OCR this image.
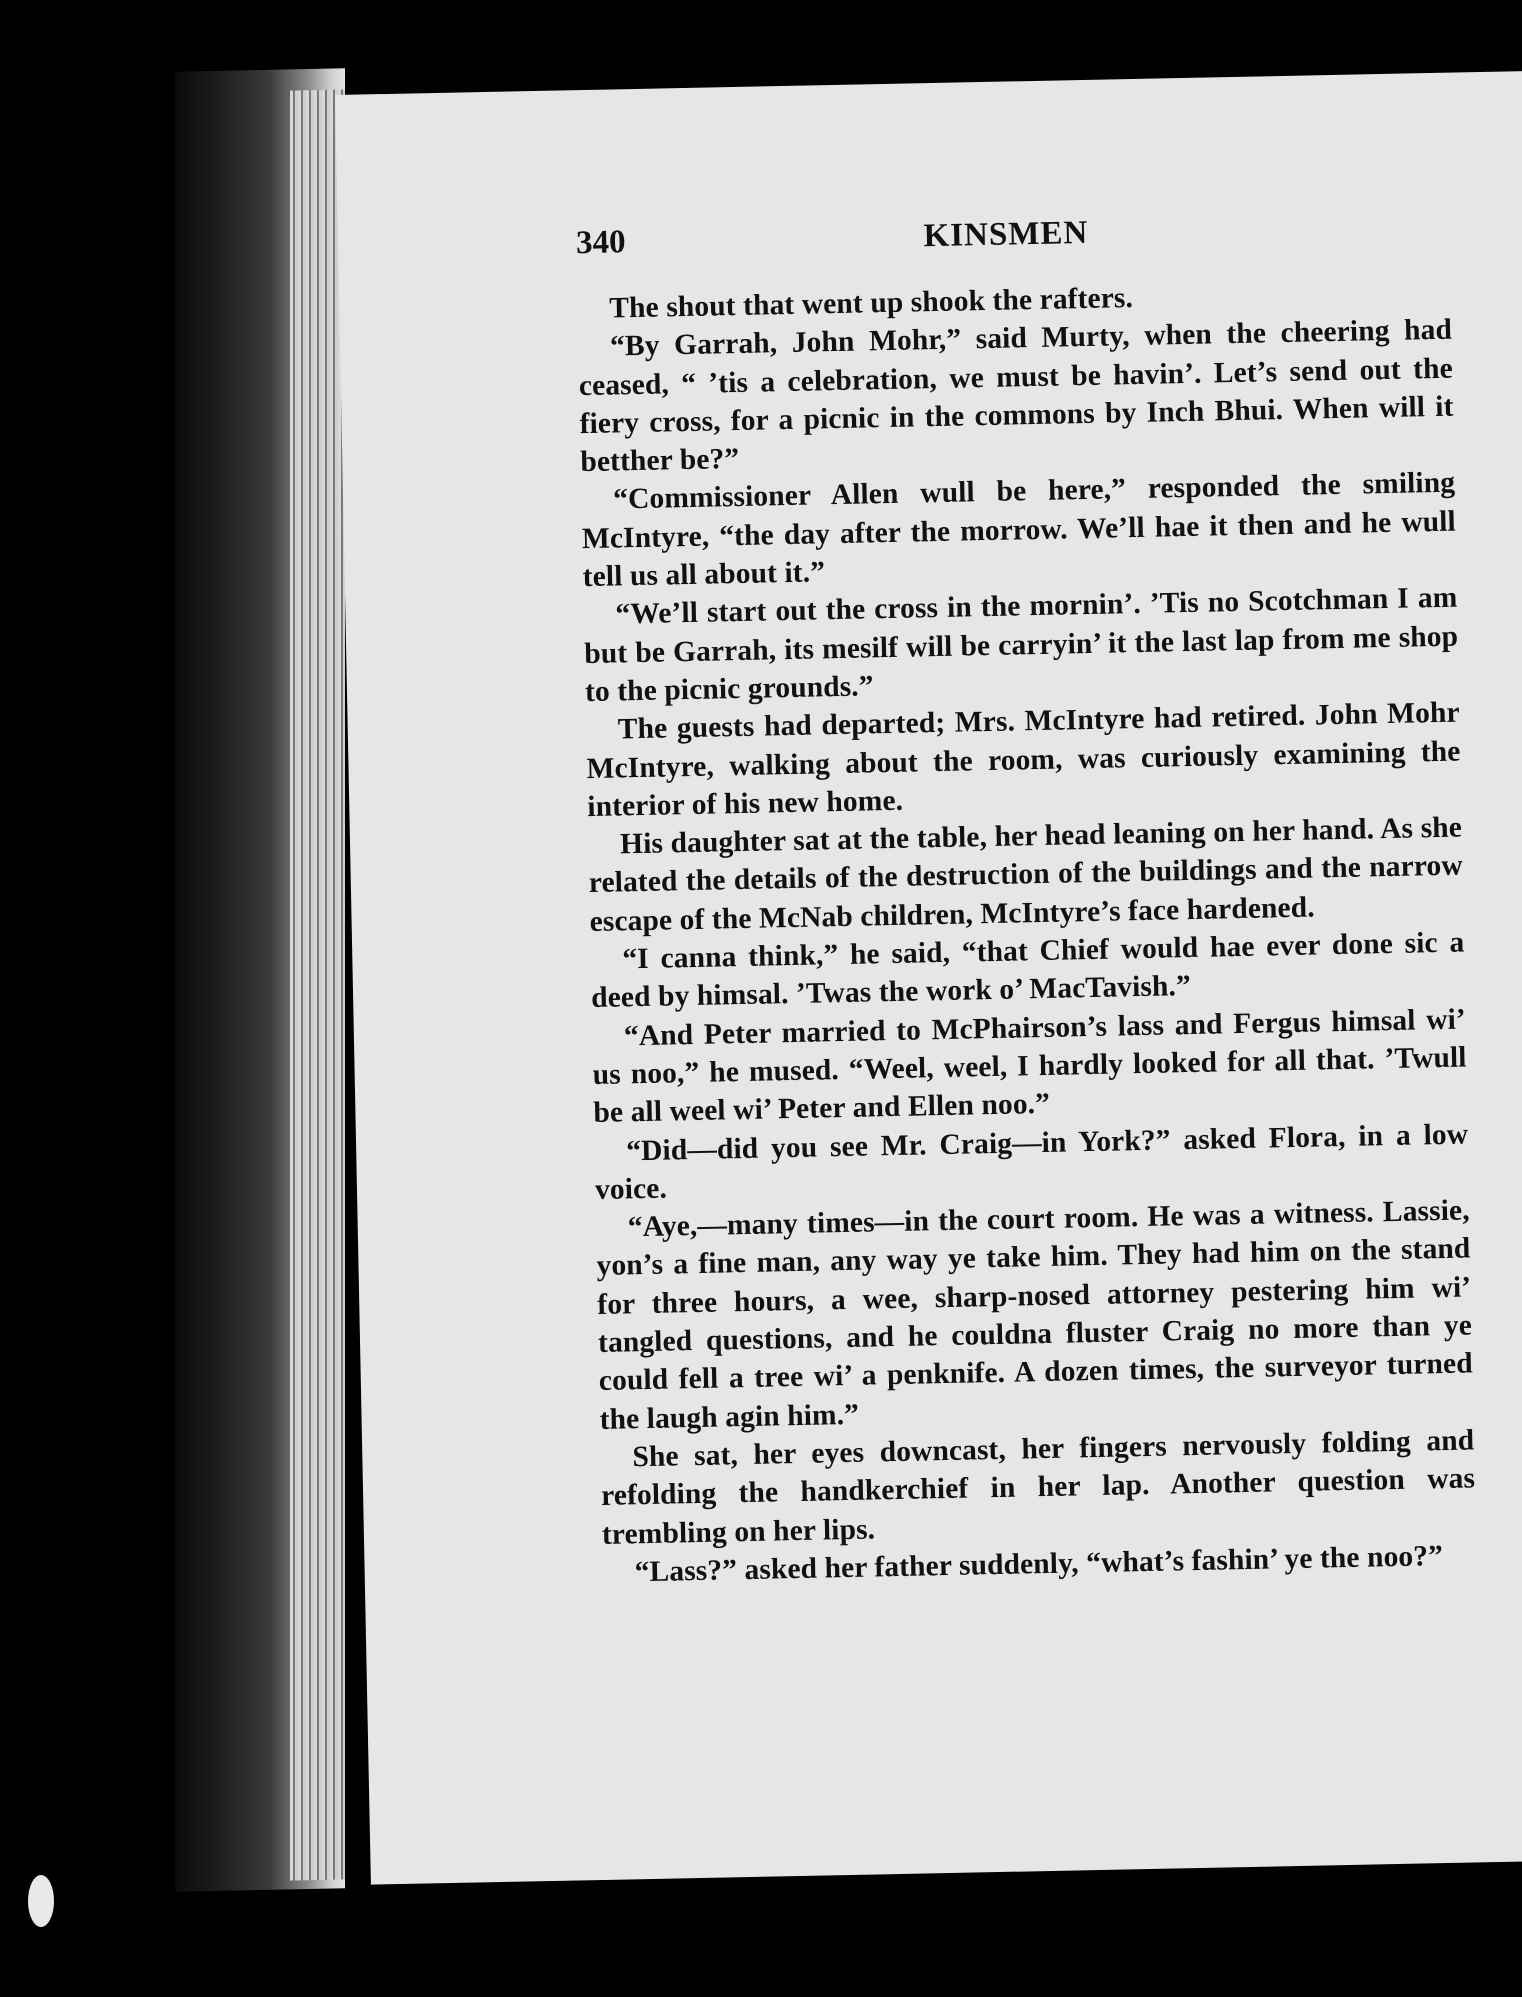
340	KINSMEN

The shout that went up shook the rafters.

“By Garrah, John Mohr,” said Murty, when the cheering had ceased, “ ’tis a celebration, we must be havin’. Let’s send out the fiery cross, for a picnic in the commons by Inch Bhui. When will it betther be?”

“Commissioner Allen wull be here,” responded the smiling McIntyre, “the day after the morrow. We’ll hae it then and he wull tell us all about it.”

“We’ll start out the cross in the mornin’. ’Tis no Scotchman I am but be Garrah, its mesilf will be carryin’ it the last lap from me shop to the picnic grounds.”

The guests had departed; Mrs. McIntyre had retired. John Mohr McIntyre, walking about the room, was curiously examining the interior of his new home.

His daughter sat at the table, her head leaning on her hand. As she related the details of the destruction of the buildings and the narrow escape of the McNab children, McIntyre’s face hardened.

“I canna think,” he said, “that Chief would hae ever done sic a deed by himsal. ’Twas the work o’ MacTavish.”

“And Peter married to McPhairson’s lass and Fergus himsal wi’ us noo,” he mused. “Weel, weel, I hardly looked for all that. ’Twull be all weel wi’ Peter and Ellen noo.”

“Did—did you see Mr. Craig—in York?” asked Flora, in a low voice.

“Aye,—many times—in the court room. He was a witness. Lassie, yon’s a fine man, any way ye take him. They had him on the stand for three hours, a wee, sharp-nosed attorney pestering him wi’ tangled questions, and he couldna fluster Craig no more than ye could fell a tree wi’ a penknife. A dozen times, the surveyor turned the laugh agin him.”

She sat, her eyes downcast, her fingers nervously folding and refolding the handkerchief in her lap. Another question was trembling on her lips.

“Lass?” asked her father suddenly, “what’s fashin’ ye the noo?”
